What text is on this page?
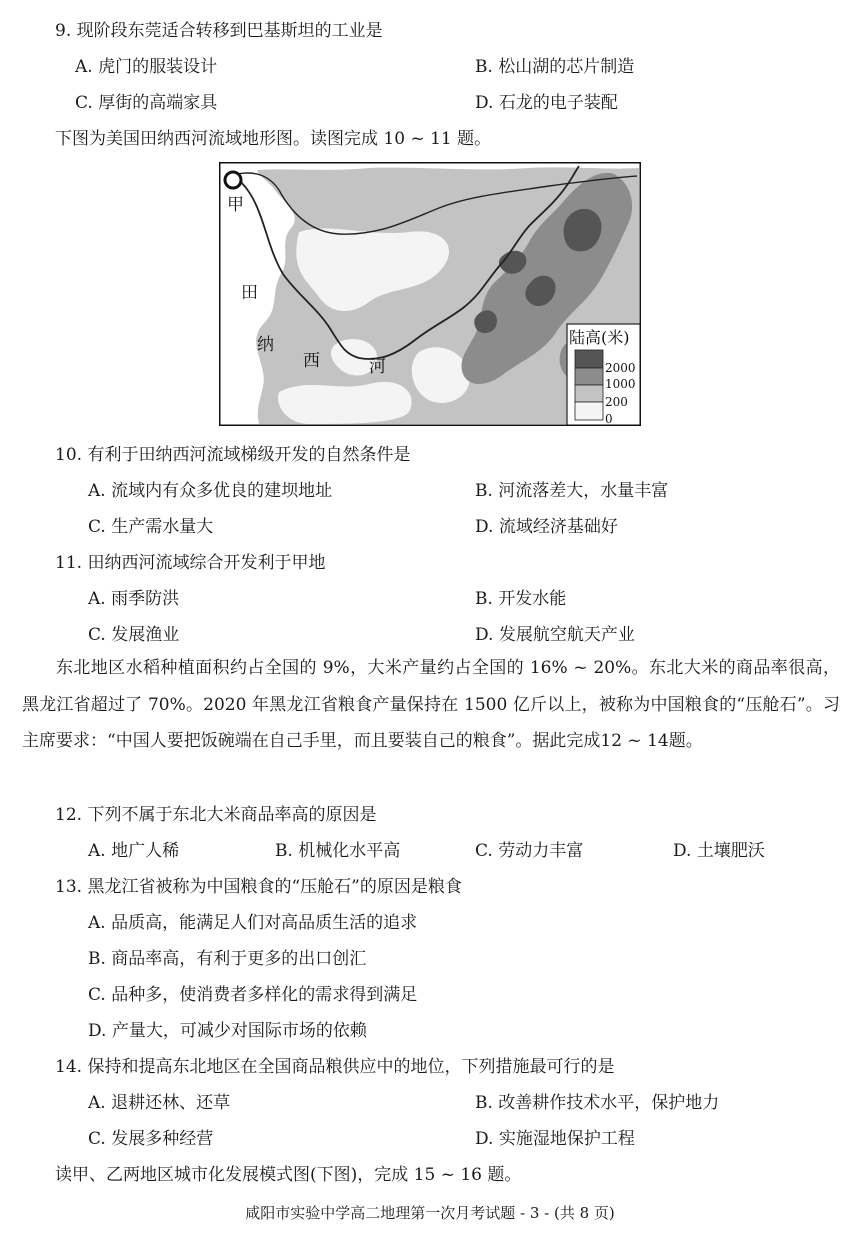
9. 现阶段东莞适合转移到巴基斯坦的工业是
A. 虎门的服装设计	B. 松山湖的芯片制造
C. 厚街的高端家具	D. 石龙的电子装配
下图为美国田纳西河流域地形图。读图完成 10 ~ 11 题。
甲
田
纳
西	河
陆高(米)
2000
1000
200
0
10. 有利于田纳西河流域梯级开发的自然条件是
A. 流域内有众多优良的建坝地址	B. 河流落差大，水量丰富
C. 生产需水量大	D. 流域经济基础好
11. 田纳西河流域综合开发利于甲地
A. 雨季防洪	B. 开发水能
C. 发展渔业	D. 发展航空航天产业

东北地区水稻种植面积约占全国的 9%，大米产量约占全国的 16% ~ 20%。东北大米的商品率很高，黑龙江省超过了 70%。2020 年黑龙江省粮食产量保持在 1500 亿斤以上，被称为中国粮食的“压舱石”。习主席要求：“中国人要把饭碗端在自己手里，而且要装自己的粮食”。据此完成12 ~ 14题。

12. 下列不属于东北大米商品率高的原因是
A. 地广人稀	B. 机械化水平高	C. 劳动力丰富	D. 土壤肥沃
13. 黑龙江省被称为中国粮食的“压舱石”的原因是粮食
A. 品质高，能满足人们对高品质生活的追求
B. 商品率高，有利于更多的出口创汇
C. 品种多，使消费者多样化的需求得到满足
D. 产量大，可减少对国际市场的依赖
14. 保持和提高东北地区在全国商品粮供应中的地位，下列措施最可行的是
A. 退耕还林、还草	B. 改善耕作技术水平，保护地力
C. 发展多种经营	D. 实施湿地保护工程
读甲、乙两地区城市化发展模式图(下图)，完成 15 ~ 16 题。
咸阳市实验中学高二地理第一次月考试题 - 3 - (共 8 页)
